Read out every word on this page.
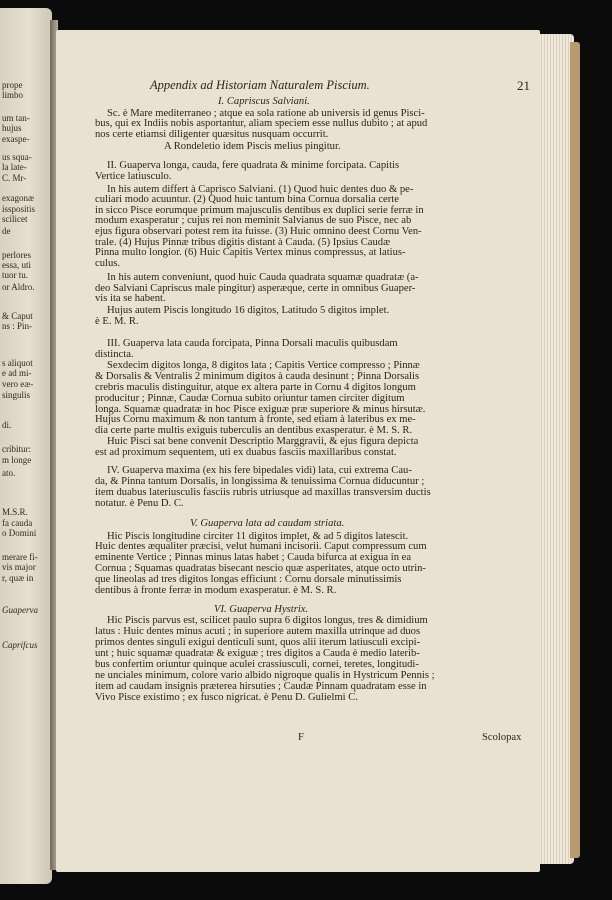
prope
limbo
um tan-
hujus
exaspe-
us squa-
la late-
C. Mr-
exagonæ
issposítis
scilicet
de
perlores
essa, uti
tuor tu.
or Aldro.
& Caput
ns : Pin-
s aliquot
e ad mi-
vero eæ-
singulis
di.
cribitur:
m longe
ato.
M.S.R.
fa cauda
o Domini
merare fi-
vis major
r, quæ in
Guaperva
Caprifcus
Appendix ad Historiam Naturalem Piscium.	21
I. Capriscus Salviani.
Sc. è Mare mediterraneo ; atque ea sola ratione ab universis id genus Pisci-
bus, qui ex Indiis nobis asportantur, aliam speciem esse nullus dubito ; at apud
nos certe etiamsi diligenter quæsitus nusquam occurrit.
A Rondeletio idem Piscis melius pingitur.
II. Guaperva longa, cauda, fere quadrata & minime forcipata. Capitis
Vertice latiusculo.
In his autem differt à Caprisco Salviani. (1) Quod huic dentes duo & pe-
culiari modo acuuntur. (2) Quod huic tantum bina Cornua dorsalia certe
in sicco Pisce eorumque primum majusculis dentibus ex duplici serie ferræ in
modum exasperatur ; cujus rei non meminit Salvianus de suo Pisce, nec ab
ejus figura observari potest rem ita fuisse. (3) Huic omnino deest Cornu Ven-
trale. (4) Hujus Pinnæ tribus digitis distant à Cauda. (5) Ipsius Caudæ
Pinna multo longior. (6) Huic Capitis Vertex minus compressus, at latius-
culus.
In his autem conveniunt, quod huic Cauda quadrata squamæ quadratæ (a-
deo Salviani Capriscus male pingitur) asperæque, certe in omnibus Guaper-
vis ita se habent.
Hujus autem Piscis longitudo 16 digitos, Latitudo 5 digitos implet.
è E. M. R.
III. Guaperva lata cauda forcipata, Pinna Dorsali maculis quibusdam
distincta.
Sexdecim digitos longa, 8 digitos lata ; Capitis Vertice compresso ; Pinnæ
& Dorsalis & Ventralis 2 minimum digitos à cauda desinunt ; Pinna Dorsalis
crebris maculis distinguitur, atque ex altera parte in Cornu 4 digitos longum
producitur ; Pinnæ, Caudæ Cornua subito oriuntur tamen circiter digitum
longa. Squamæ quadratæ in hoc Pisce exiguæ præ superiore & minus hirsutæ.
Hujus Cornu maximum & non tantum à fronte, sed etiam à lateribus ex me-
dia certe parte multis exiguis tuberculis an dentibus exasperatur. è M. S. R.
Huic Pisci sat bene convenit Descriptio Marggravii, & ejus figura depicta
est ad proximum sequentem, uti ex duabus fasciis maxillaribus constat.
IV. Guaperva maxima (ex his fere bipedales vidi) lata, cui extrema Cau-
da, & Pinna tantum Dorsalis, in longissima & tenuissima Cornua diducuntur ;
item duabus lateriusculis fasciis rubris utriusque ad maxillas transversim ductis
notatur. è Penu D. C.
V. Guaperva lata ad caudam striata.
Hic Piscis longitudine circiter 11 digitos implet, & ad 5 digitos latescit.
Huic dentes æqualiter præcisi, velut humani incisorii. Caput compressum cum
eminente Vertice ; Pinnas minus latas habet ; Cauda bifurca at exigua in ea
Cornua ; Squamas quadratas bisecant nescio quæ asperitates, atque octo utrin-
que lineolas ad tres digitos longas efficiunt : Cornu dorsale minutissimis
dentibus à fronte ferræ in modum exasperatur. è M. S. R.
VI. Guaperva Hystrix.
Hic Piscis parvus est, scilicet paulo supra 6 digitos longus, tres & dimidium
latus : Huic dentes minus acuti ; in superiore autem maxilla utrinque ad duos
primos dentes singuli exigui denticuli sunt, quos alii iterum latiusculi excipi-
unt ; huic squamæ quadratæ & exiguæ ; tres digitos a Cauda è medio laterib-
bus confertim oriuntur quinque aculei crassiusculi, cornei, teretes, longitudi-
ne unciales minimum, colore vario albido nigroque qualis in Hystricum Pennis ;
item ad caudam insignis præterea hirsuties ; Caudæ Pinnam quadratam esse in
Vivo Pisce existimo ; ex fusco nigricat. è Penu D. Gulielmi C.
F	Scolopax
